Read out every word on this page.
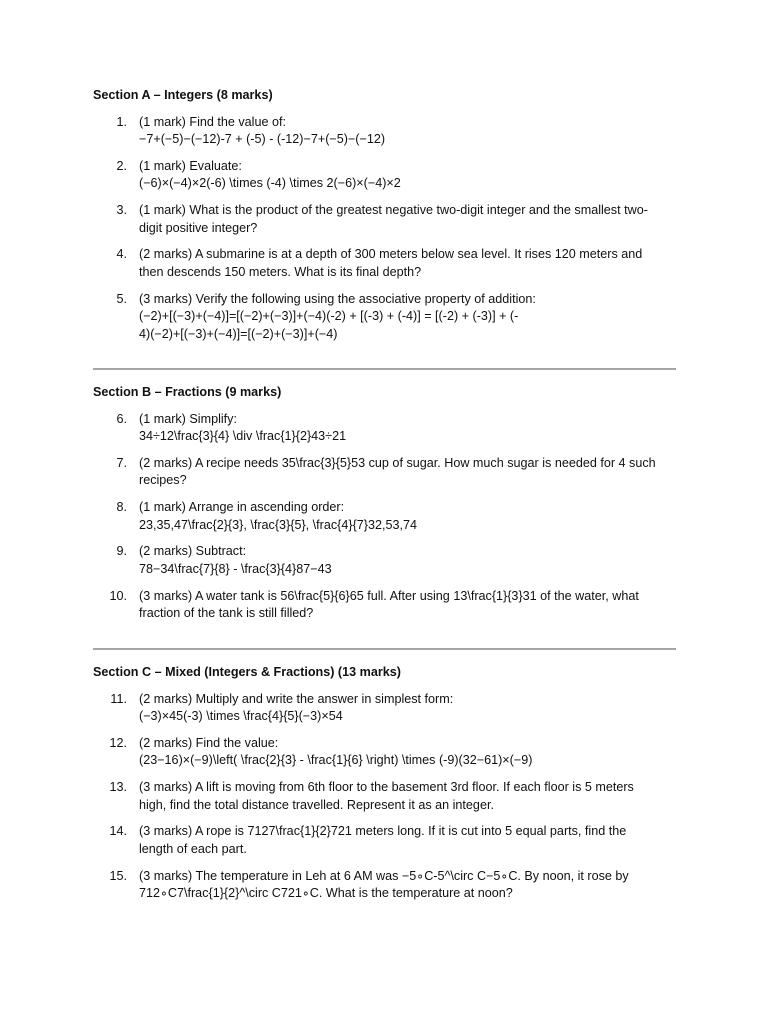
Section A – Integers (8 marks)
1. (1 mark) Find the value of:
−7+(−5)−(−12)-7 + (-5) - (-12)−7+(−5)−(−12)
2. (1 mark) Evaluate:
(−6)×(−4)×2(-6) \times (-4) \times 2(−6)×(−4)×2
3. (1 mark) What is the product of the greatest negative two-digit integer and the smallest two-
digit positive integer?
4. (2 marks) A submarine is at a depth of 300 meters below sea level. It rises 120 meters and
then descends 150 meters. What is its final depth?
5. (3 marks) Verify the following using the associative property of addition:
(−2)+[(−3)+(−4)]=[(−2)+(−3)]+(−4)(-2) + [(-3) + (-4)] = [(-2) + (-3)] + (-
4)(−2)+[(−3)+(−4)]=[(−2)+(−3)]+(−4)
Section B – Fractions (9 marks)
6. (1 mark) Simplify:
34÷12\frac{3}{4} \div \frac{1}{2}43÷21
7. (2 marks) A recipe needs 35\frac{3}{5}53 cup of sugar. How much sugar is needed for 4 such
recipes?
8. (1 mark) Arrange in ascending order:
23,35,47\frac{2}{3}, \frac{3}{5}, \frac{4}{7}32,53,74
9. (2 marks) Subtract:
78−34\frac{7}{8} - \frac{3}{4}87−43
10. (3 marks) A water tank is 56\frac{5}{6}65 full. After using 13\frac{1}{3}31 of the water, what
fraction of the tank is still filled?
Section C – Mixed (Integers & Fractions) (13 marks)
11. (2 marks) Multiply and write the answer in simplest form:
(−3)×45(-3) \times \frac{4}{5}(−3)×54
12. (2 marks) Find the value:
(23−16)×(−9)\left( \frac{2}{3} - \frac{1}{6} \right) \times (-9)(32−61)×(−9)
13. (3 marks) A lift is moving from 6th floor to the basement 3rd floor. If each floor is 5 meters
high, find the total distance travelled. Represent it as an integer.
14. (3 marks) A rope is 7127\frac{1}{2}721 meters long. If it is cut into 5 equal parts, find the
length of each part.
15. (3 marks) The temperature in Leh at 6 AM was −5∘C-5^\circ C−5∘C. By noon, it rose by
712∘C7\frac{1}{2}^\circ C721∘C. What is the temperature at noon?
